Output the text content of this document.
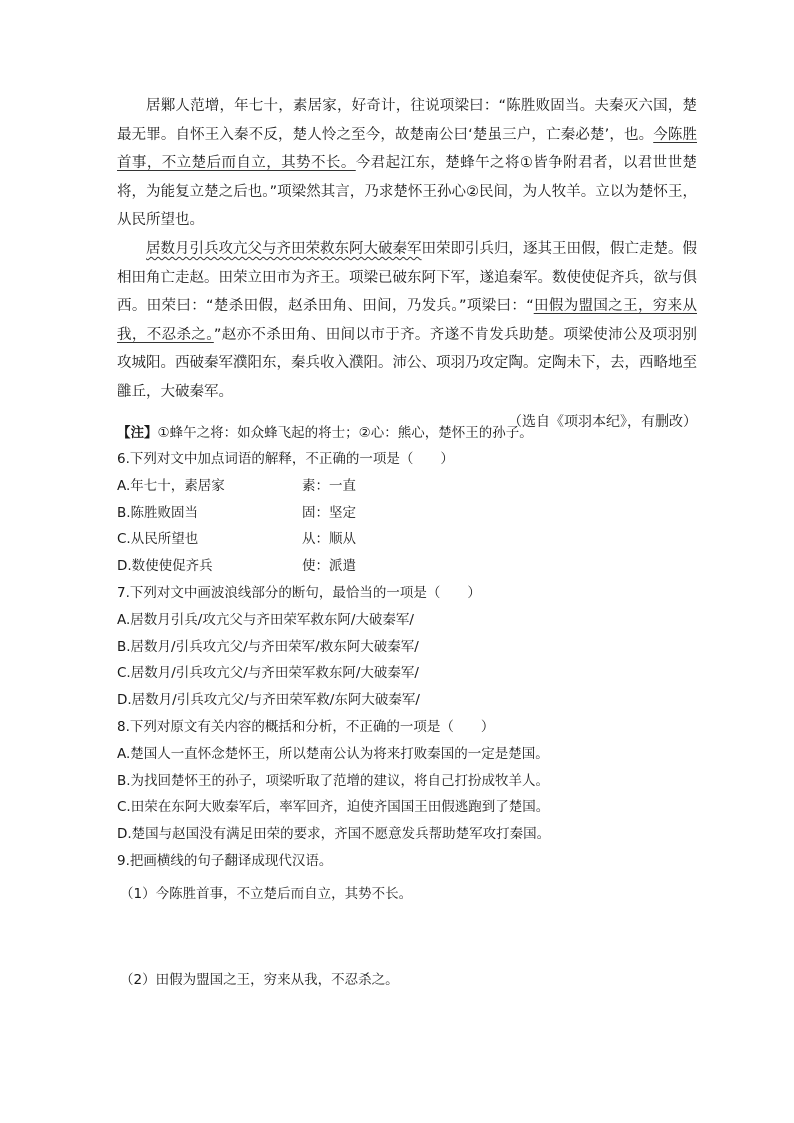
居鄛人范增，年七十，素居家，好奇计，往说项梁曰：“陈胜败固当。夫秦灭六国，楚最无罪。自怀王入秦不反，楚人怜之至今，故楚南公曰‘楚虽三户，亡秦必楚’，也。今陈胜首事，不立楚后而自立，其势不长。今君起江东，楚蜂午之将①皆争附君者，以君世世楚将，为能复立楚之后也。”项梁然其言，乃求楚怀王孙心②民间，为人牧羊。立以为楚怀王，从民所望也。

居数月引兵攻亢父与齐田荣救东阿大破秦军田荣即引兵归，逐其王田假，假亡走楚。假相田角亡走赵。田荣立田市为齐王。项梁已破东阿下军，遂追秦军。数使使促齐兵，欲与俱西。田荣曰：“楚杀田假，赵杀田角、田间，乃发兵。”项梁曰：“田假为盟国之王，穷来从我，不忍杀之。”赵亦不杀田角、田间以市于齐。齐遂不肯发兵助楚。项梁使沛公及项羽别攻城阳。西破秦军濮阳东，秦兵收入濮阳。沛公、项羽乃攻定陶。定陶未下，去，西略地至雝丘，大破秦军。

（选自《项羽本纪》，有删改）
【注】①蜂午之将：如众蜂飞起的将士；②心：熊心，楚怀王的孙子。

6.下列对文中加点词语的解释，不正确的一项是（　　）

A.年七十，素居家	素：一直
B.陈胜败固当	固：坚定
C.从民所望也	从：顺从
D.数使使促齐兵	使：派遣

7.下列对文中画波浪线部分的断句，最恰当的一项是（　　）

A.居数月引兵/攻亢父与齐田荣军救东阿/大破秦军/

B.居数月/引兵攻亢父/与齐田荣军/救东阿大破秦军/

C.居数月/引兵攻亢父/与齐田荣军救东阿/大破秦军/

D.居数月/引兵攻亢父/与齐田荣军救/东阿大破秦军/

8.下列对原文有关内容的概括和分析，不正确的一项是（　　）

A.楚国人一直怀念楚怀王，所以楚南公认为将来打败秦国的一定是楚国。

B.为找回楚怀王的孙子，项梁听取了范增的建议，将自己打扮成牧羊人。

C.田荣在东阿大败秦军后，率军回齐，迫使齐国国王田假逃跑到了楚国。

D.楚国与赵国没有满足田荣的要求，齐国不愿意发兵帮助楚军攻打秦国。

9.把画横线的句子翻译成现代汉语。

（1）今陈胜首事，不立楚后而自立，其势不长。
（2）田假为盟国之王，穷来从我，不忍杀之。
